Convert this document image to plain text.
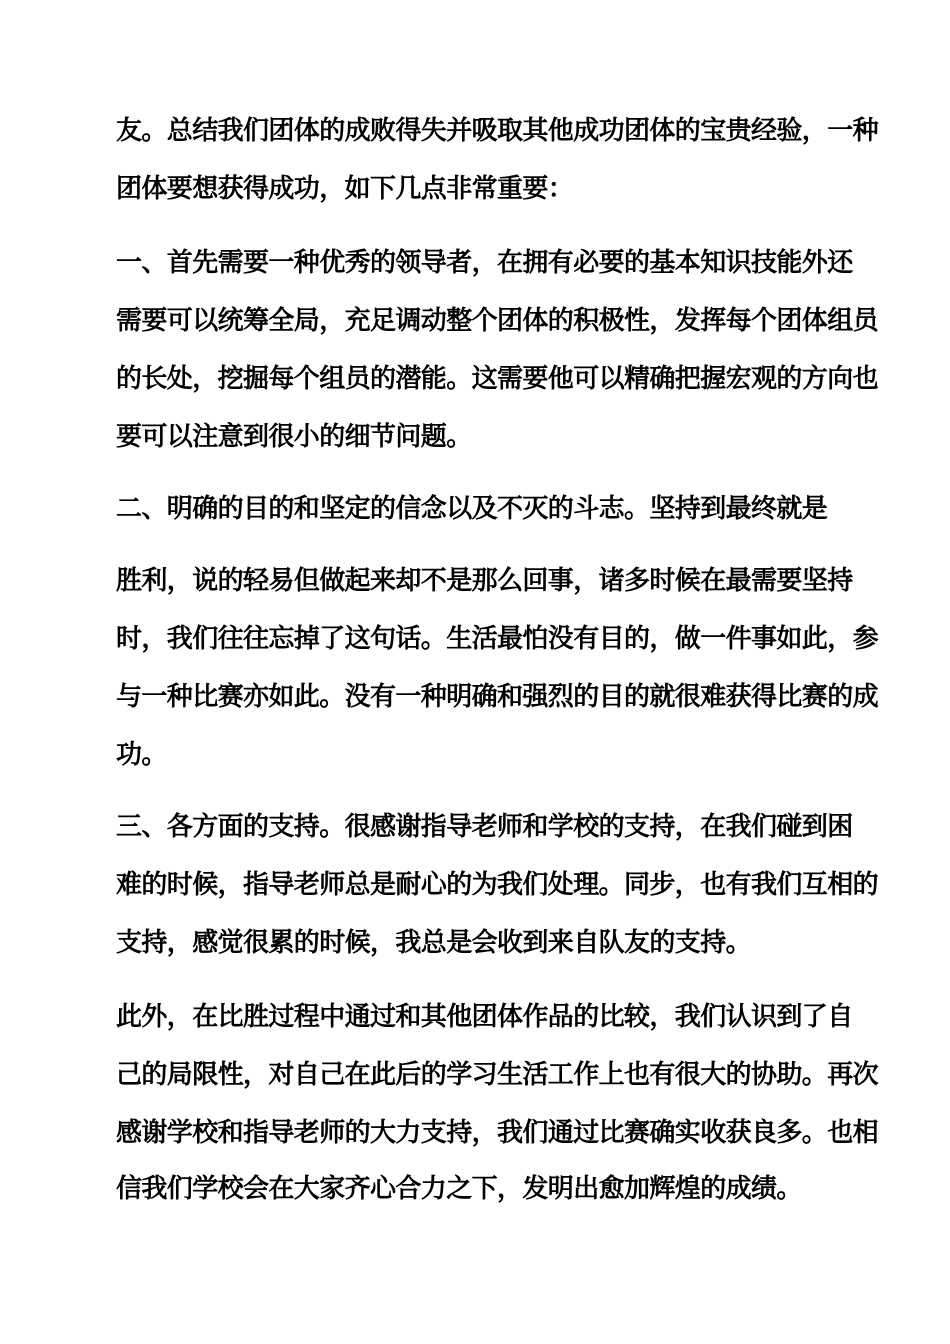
友。总结我们团体的成败得失并吸取其他成功团体的宝贵经验，一种
团体要想获得成功，如下几点非常重要：
一、首先需要一种优秀的领导者，在拥有必要的基本知识技能外还
需要可以统筹全局，充足调动整个团体的积极性，发挥每个团体组员
的长处，挖掘每个组员的潜能。这需要他可以精确把握宏观的方向也
要可以注意到很小的细节问题。
二、明确的目的和坚定的信念以及不灭的斗志。坚持到最终就是
胜利，说的轻易但做起来却不是那么回事，诸多时候在最需要坚持
时，我们往往忘掉了这句话。生活最怕没有目的，做一件事如此，参
与一种比赛亦如此。没有一种明确和强烈的目的就很难获得比赛的成
功。
三、各方面的支持。很感谢指导老师和学校的支持，在我们碰到困
难的时候，指导老师总是耐心的为我们处理。同步，也有我们互相的
支持，感觉很累的时候，我总是会收到来自队友的支持。
此外，在比胜过程中通过和其他团体作品的比较，我们认识到了自
己的局限性，对自己在此后的学习生活工作上也有很大的协助。再次
感谢学校和指导老师的大力支持，我们通过比赛确实收获良多。也相
信我们学校会在大家齐心合力之下，发明出愈加辉煌的成绩。
